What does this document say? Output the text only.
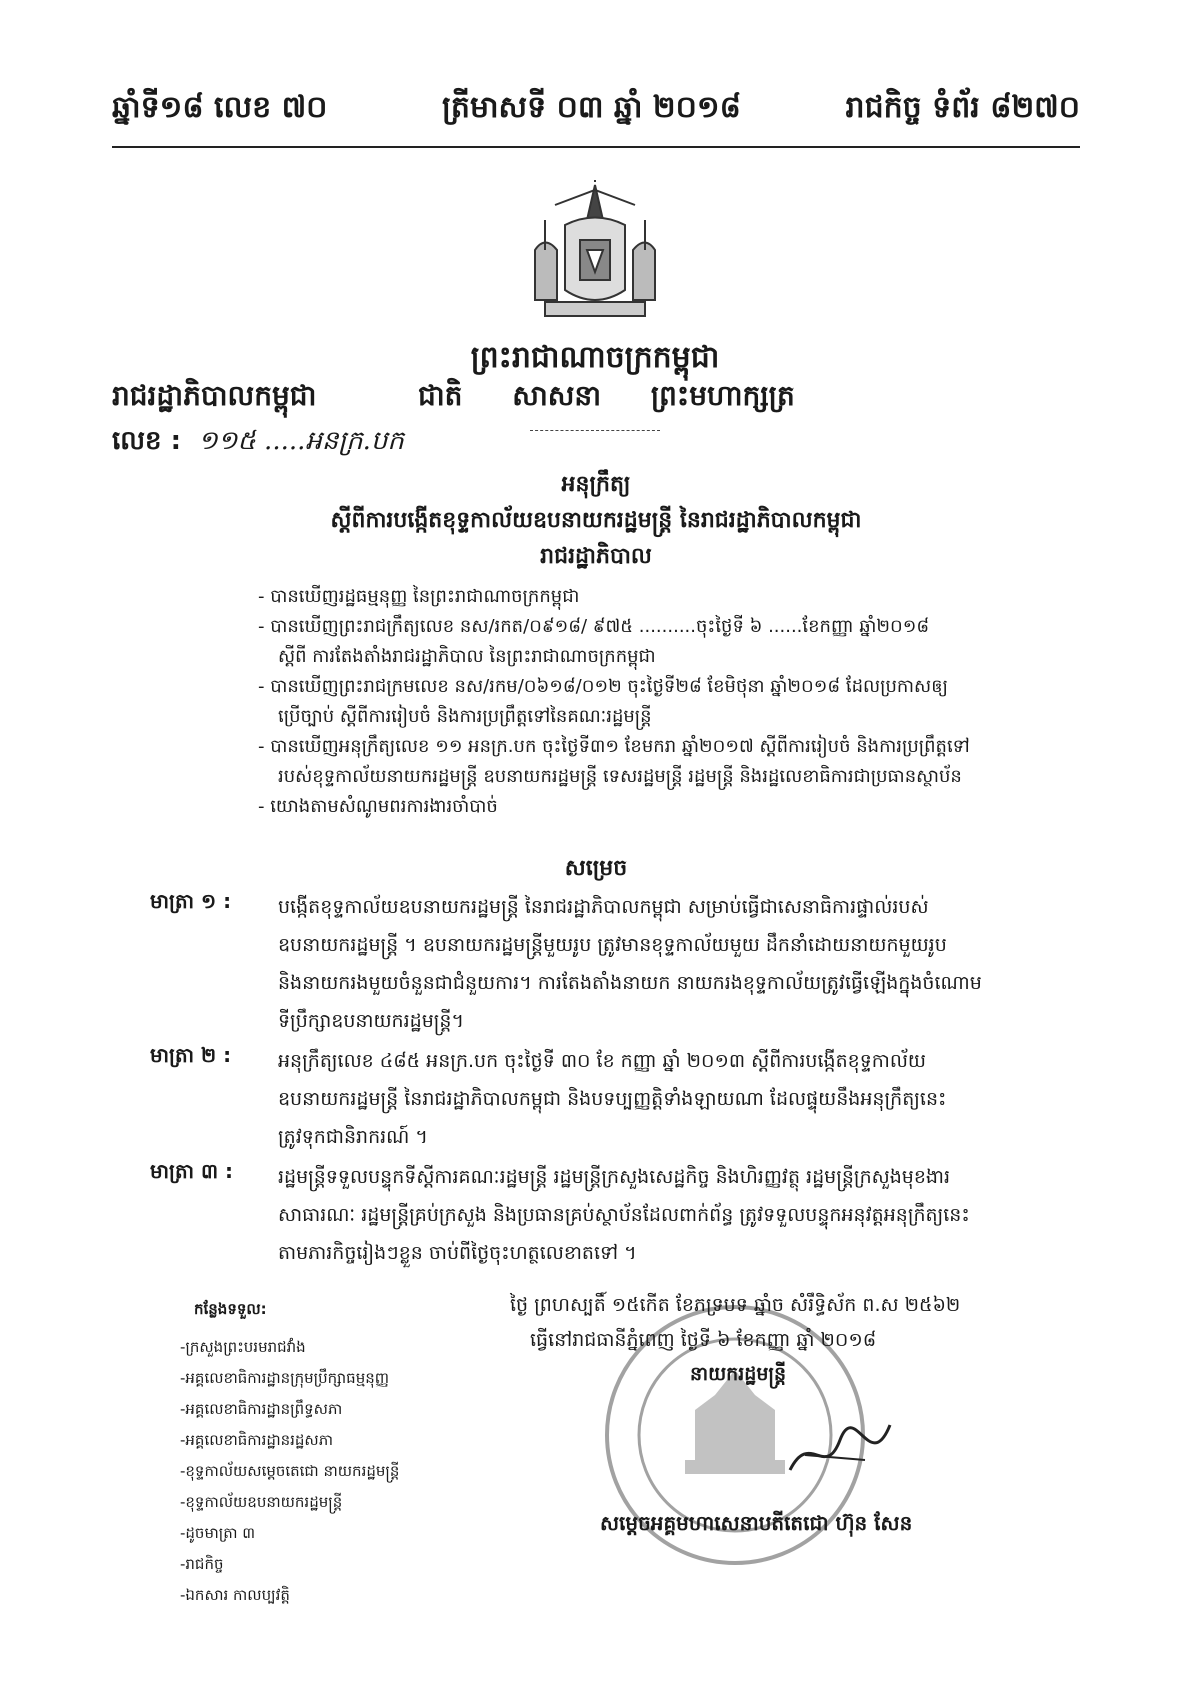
ឆ្នាំទី១៨ លេខ ៧០	ត្រីមាសទី ០៣ ឆ្នាំ ២០១៨	រាជកិច្ច ទំព័រ ៨២៧០
ព្រះរាជាណាចក្រកម្ពុជា
រាជរដ្ឋាភិបាលកម្ពុជា	ជាតិ សាសនា ព្រះមហាក្សត្រ
លេខ : ១១៥ .....អនក្រ.បក
អនុក្រឹត្យ
ស្ដីពីការបង្កើតខុទ្ទកាល័យឧបនាយករដ្ឋមន្ត្រី នៃរាជរដ្ឋាភិបាលកម្ពុជា
រាជរដ្ឋាភិបាល
- បានឃើញរដ្ឋធម្មនុញ្ញ នៃព្រះរាជាណាចក្រកម្ពុជា
- បានឃើញព្រះរាជក្រឹត្យលេខ នស/រកត/០៩១៨/ ៩៧៥ ..........ចុះថ្ងៃទី ៦ ......ខែកញ្ញា ឆ្នាំ២០១៨
ស្ដីពី ការតែងតាំងរាជរដ្ឋាភិបាល នៃព្រះរាជាណាចក្រកម្ពុជា
- បានឃើញព្រះរាជក្រមលេខ នស/រកម/០៦១៨/០១២ ចុះថ្ងៃទី២៨ ខែមិថុនា ឆ្នាំ២០១៨ ដែលប្រកាសឲ្យ
ប្រើច្បាប់ ស្ដីពីការរៀបចំ និងការប្រព្រឹត្តទៅនៃគណៈរដ្ឋមន្ត្រី
- បានឃើញអនុក្រឹត្យលេខ ១១ អនក្រ.បក ចុះថ្ងៃទី៣១ ខែមករា ឆ្នាំ២០១៧ ស្ដីពីការរៀបចំ និងការប្រព្រឹត្តទៅ
របស់ខុទ្ទកាល័យនាយករដ្ឋមន្ត្រី ឧបនាយករដ្ឋមន្ត្រី ទេសរដ្ឋមន្ត្រី រដ្ឋមន្ត្រី និងរដ្ឋលេខាធិការជាប្រធានស្ថាប័ន
- យោងតាមសំណូមពរការងារចាំបាច់
សម្រេច
មាត្រា ១ : បង្កើតខុទ្ទកាល័យឧបនាយករដ្ឋមន្ត្រី នៃរាជរដ្ឋាភិបាលកម្ពុជា សម្រាប់ធ្វើជាសេនាធិការផ្ទាល់របស់
ឧបនាយករដ្ឋមន្ត្រី ។ ឧបនាយករដ្ឋមន្ត្រីមួយរូប ត្រូវមានខុទ្ទកាល័យមួយ ដឹកនាំដោយនាយកមួយរូប
និងនាយករងមួយចំនួនជាជំនួយការ។ ការតែងតាំងនាយក នាយករងខុទ្ទកាល័យត្រូវធ្វើឡើងក្នុងចំណោម
ទីប្រឹក្សាឧបនាយករដ្ឋមន្ត្រី។
មាត្រា ២ : អនុក្រឹត្យលេខ ៤៨៥ អនក្រ.បក ចុះថ្ងៃទី ៣០ ខែ កញ្ញា ឆ្នាំ ២០១៣ ស្ដីពីការបង្កើតខុទ្ទកាល័យ
ឧបនាយករដ្ឋមន្ត្រី នៃរាជរដ្ឋាភិបាលកម្ពុជា និងបទប្បញ្ញត្តិទាំងឡាយណា ដែលផ្ទុយនឹងអនុក្រឹត្យនេះ
ត្រូវទុកជានិរាករណ៍ ។
មាត្រា ៣ : រដ្ឋមន្ត្រីទទួលបន្ទុកទីស្ដីការគណៈរដ្ឋមន្ត្រី រដ្ឋមន្ត្រីក្រសួងសេដ្ឋកិច្ច និងហិរញ្ញវត្ថុ រដ្ឋមន្ត្រីក្រសួងមុខងារ
សាធារណៈ រដ្ឋមន្ត្រីគ្រប់ក្រសួង និងប្រធានគ្រប់ស្ថាប័នដែលពាក់ព័ន្ធ ត្រូវទទួលបន្ទុកអនុវត្តអនុក្រឹត្យនេះ
តាមភារកិច្ចរៀងៗខ្លួន ចាប់ពីថ្ងៃចុះហត្ថលេខាតទៅ ។
កន្លែងទទួល:
-ក្រសួងព្រះបរមរាជវាំង
-អគ្គលេខាធិការដ្ឋានក្រុមប្រឹក្សាធម្មនុញ្ញ
-អគ្គលេខាធិការដ្ឋានព្រឹទ្ធសភា
-អគ្គលេខាធិការដ្ឋានរដ្ឋសភា
-ខុទ្ទកាល័យសម្ដេចតេជោ នាយករដ្ឋមន្ត្រី
-ខុទ្ទកាល័យឧបនាយករដ្ឋមន្ត្រី
-ដូចមាត្រា ៣
-រាជកិច្ច
-ឯកសារ កាលប្បវត្តិ
ថ្ងៃ ព្រហស្បតិ៍ ១៥កើត ខែភទ្របទ ឆ្នាំច សំរឹទ្ធិស័ក ព.ស ២៥៦២
ធ្វើនៅរាជធានីភ្នំពេញ ថ្ងៃទី ៦ ខែកញ្ញា ឆ្នាំ ២០១៨
នាយករដ្ឋមន្ត្រី
សម្ដេចអគ្គមហាសេនាបតីតេជោ ហ៊ុន សែន
